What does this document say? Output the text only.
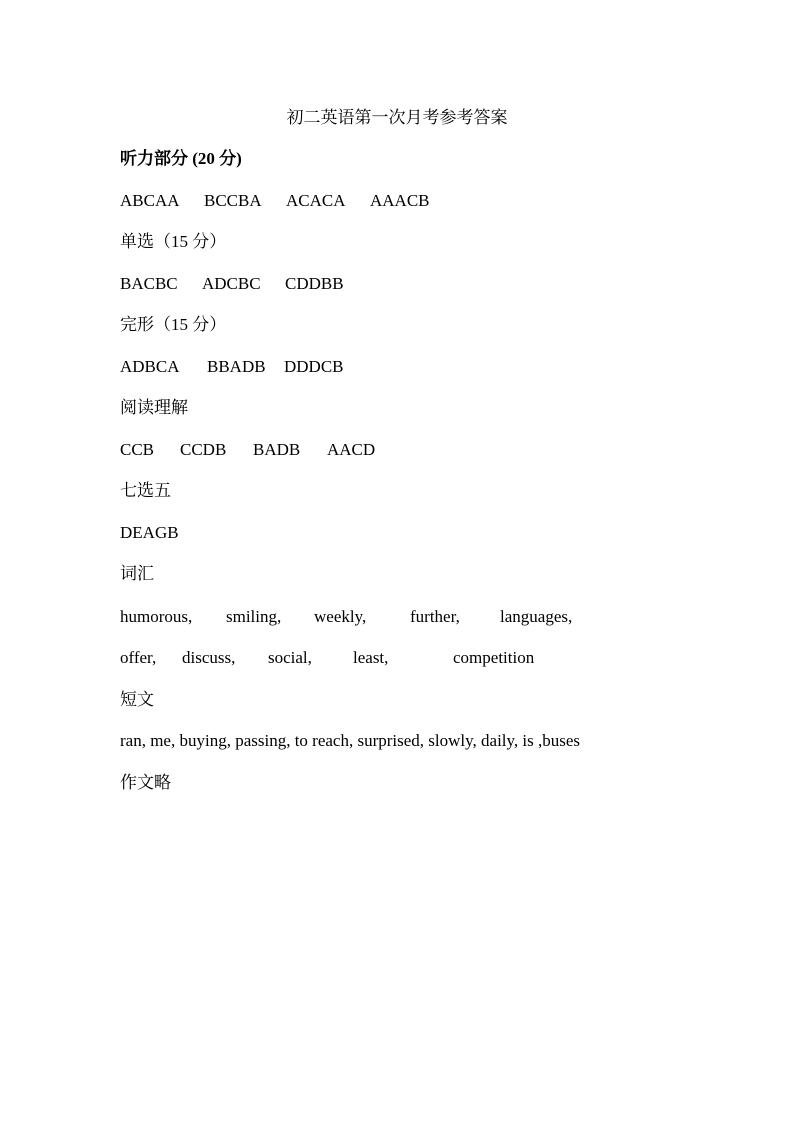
初二英语第一次月考参考答案
听力部分 (20 分)
ABCAA BCCBA ACACA AAACB
单选（15 分）
BACBC ADCBC CDDBB
完形（15 分）
ADBCA BBADB DDDCB
阅读理解
CCB CCDB BADB AACD
七选五
DEAGB
词汇
humorous, smiling, weekly,	further, languages,
offer, discuss, social, least,	competition
短文
ran, me, buying, passing, to reach, surprised, slowly, daily, is ,buses
作文略
